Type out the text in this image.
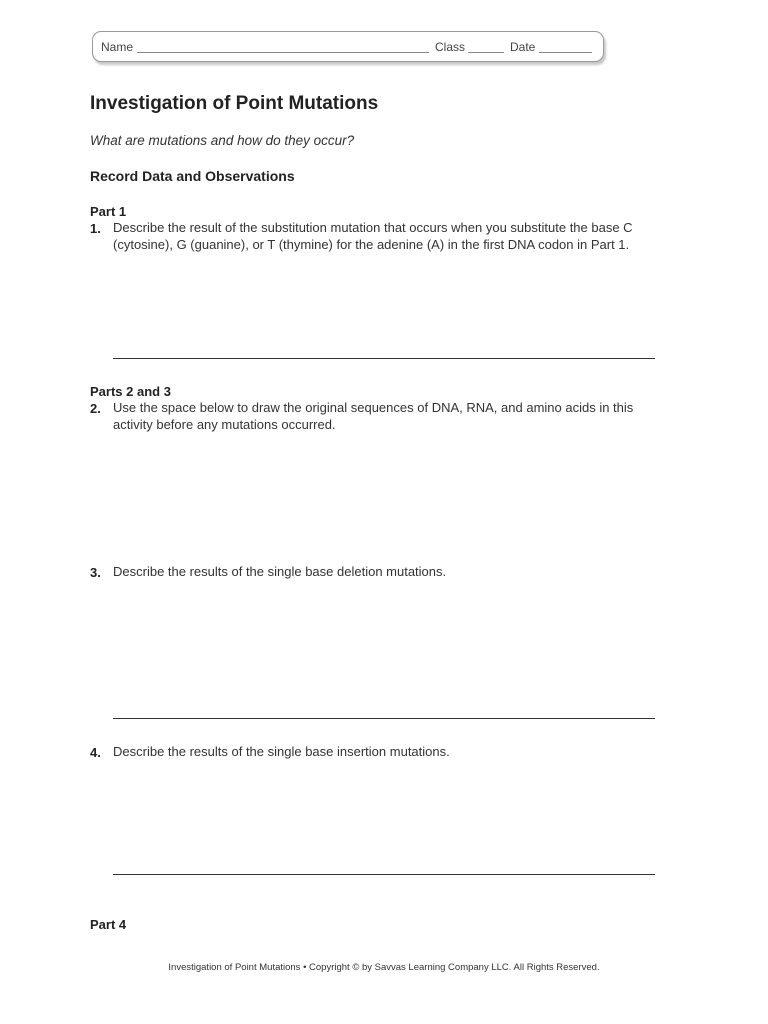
Name	Class	Date
Investigation of Point Mutations

What are mutations and how do they occur?

Record Data and Observations
Part 1
1. Describe the result of the substitution mutation that occurs when you substitute the base C (cytosine), G (guanine), or T (thymine) for the adenine (A) in the first DNA codon in Part 1.
Parts 2 and 3
2. Use the space below to draw the original sequences of DNA, RNA, and amino acids in this activity before any mutations occurred.
3. Describe the results of the single base deletion mutations.
4. Describe the results of the single base insertion mutations.
Part 4
Investigation of Point Mutations • Copyright © by Savvas Learning Company LLC. All Rights Reserved.
